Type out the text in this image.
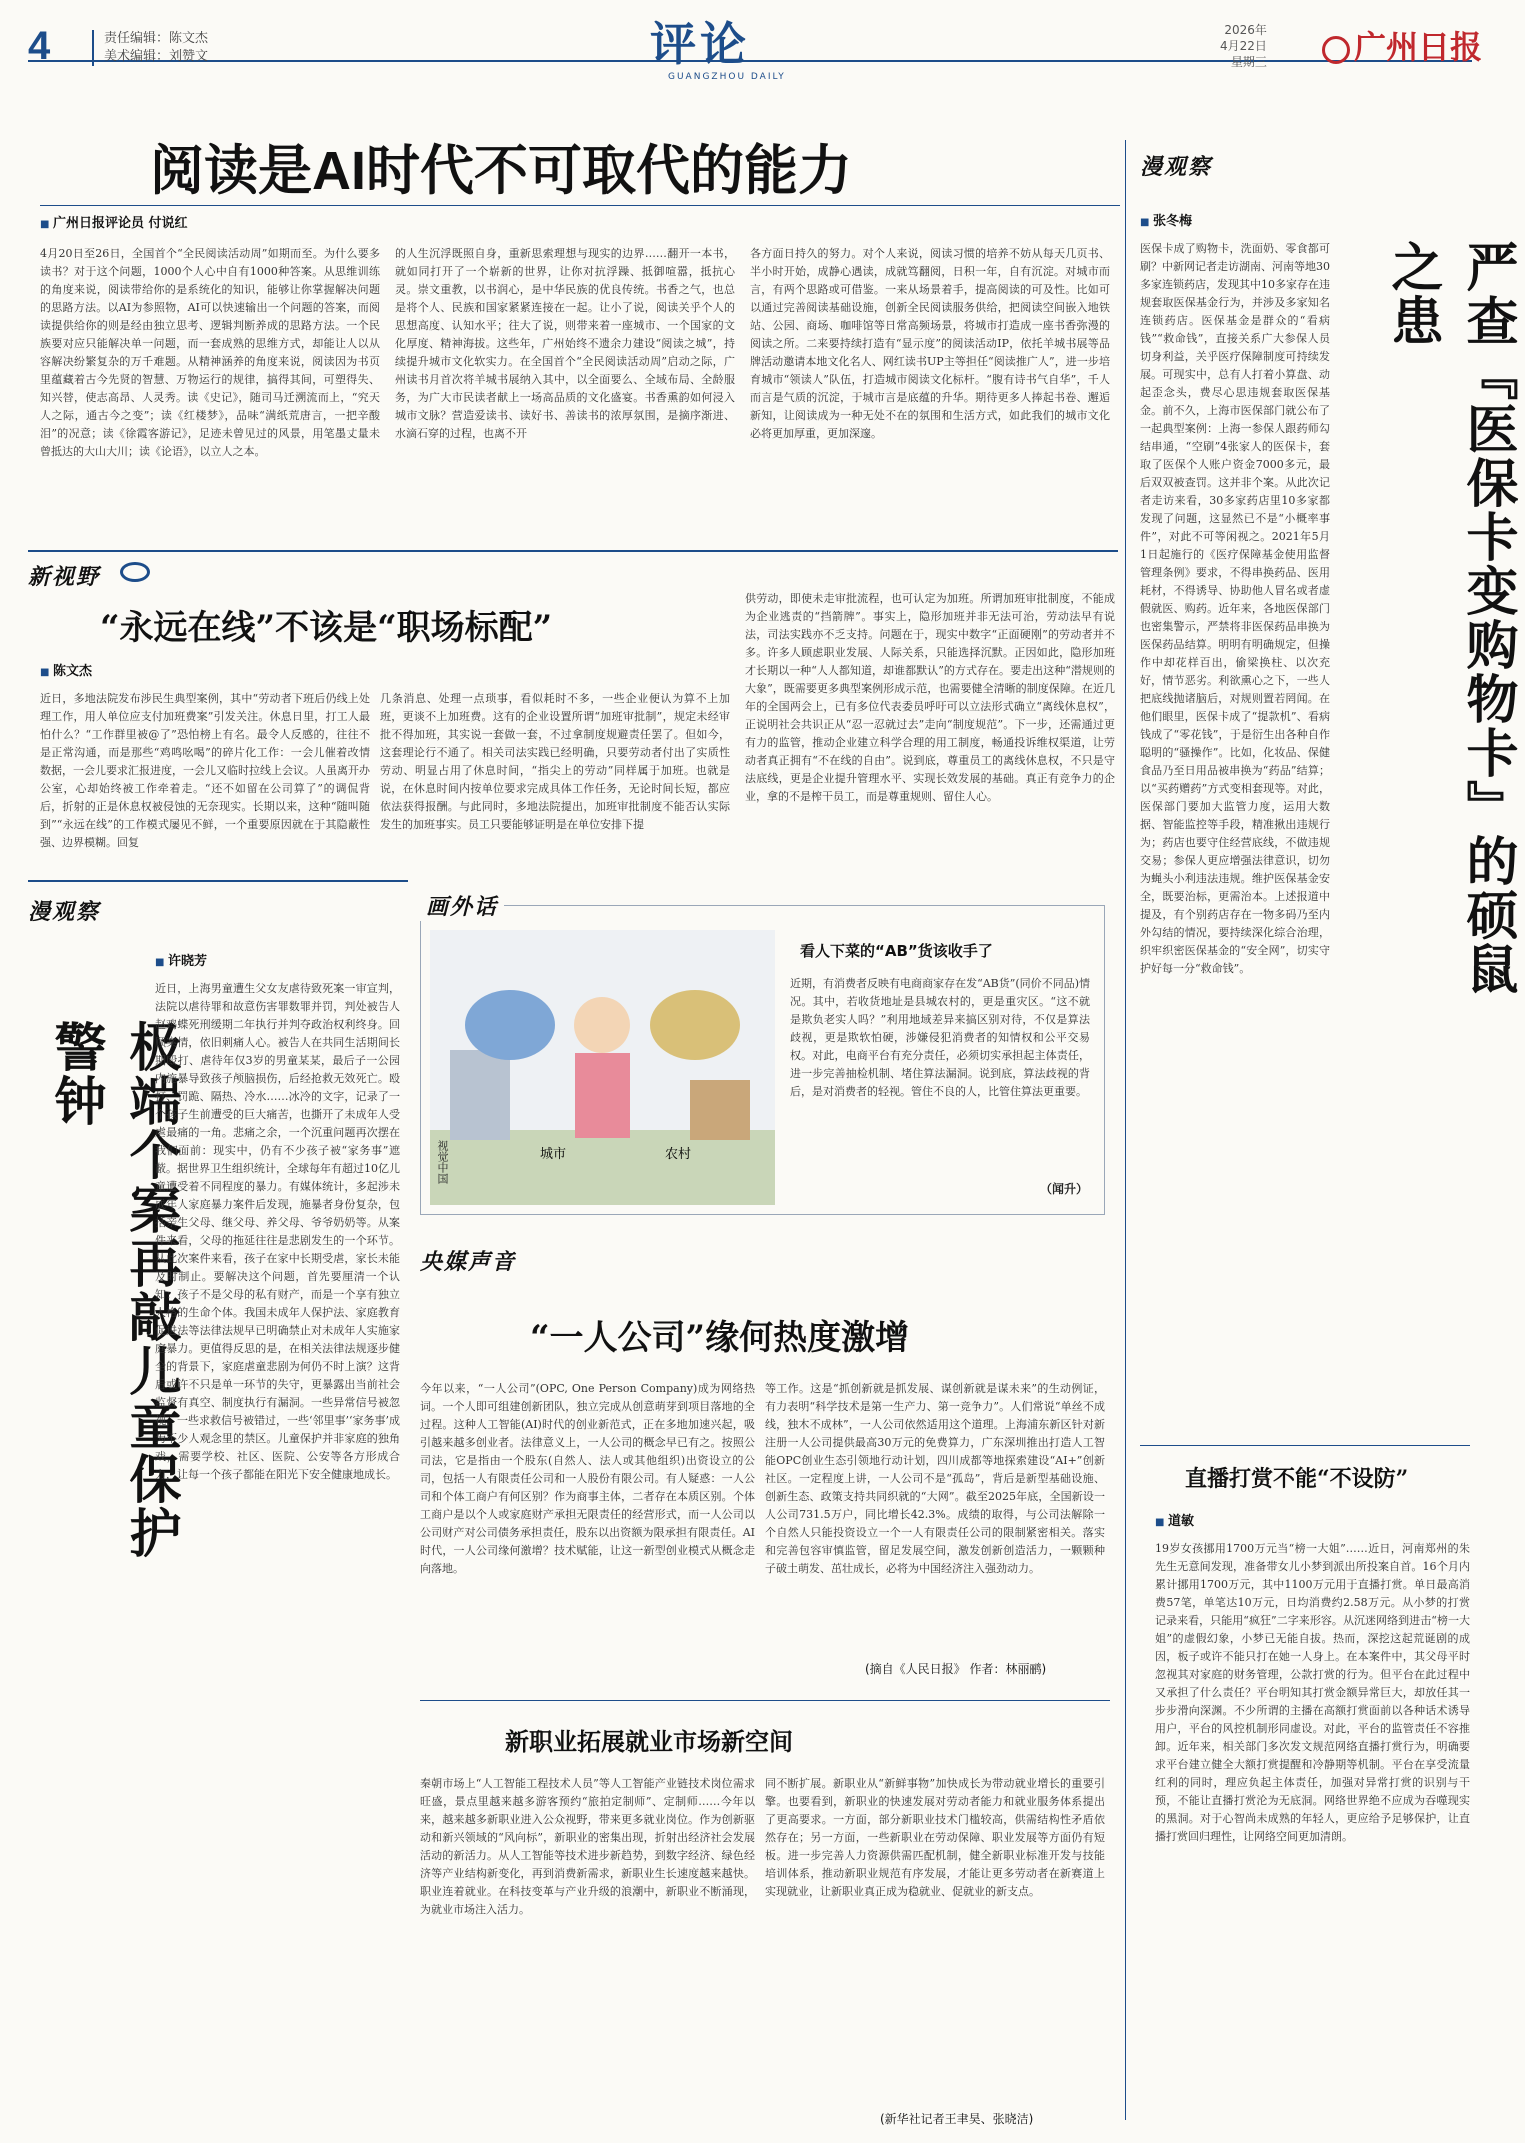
4	责任编辑：陈文杰
美术编辑：刘赞文	评论
GUANGZHOU DAILY
2026年
4月22日
星期三	广州日报
阅读是AI时代不可取代的能力
■ 广州日报评论员 付说红
4月20日至26日，全国首个“全民阅读活动周”如期而至。为什么要多读书？对于这个问题，1000个人心中自有1000种答案。从思维训练的角度来说，阅读带给你的是系统化的知识，能够让你掌握解决问题的思路方法。以AI为参照物，AI可以快速输出一个问题的答案，而阅读提供给你的则是经由独立思考、逻辑判断养成的思路方法。一个民族要对应只能解决单一问题，而一套成熟的思维方式，却能让人以从容解决纷繁复杂的万千难题。从精神涵养的角度来说，阅读因为书页里蕴藏着古今先贤的智慧、万物运行的规律，搞得其间，可塑得失、知兴替，使志高昂、人灵秀。读《史记》，随司马迁溯流而上，“究天人之际，通古今之变”；读《红楼梦》，品味“满纸荒唐言，一把辛酸泪”的况意；读《徐霞客游记》，足迹未曾见过的风景，用笔墨丈量未曾抵达的大山大川；读《论语》，以立人之本。
的人生沉浮既照自身，重新思索理想与现实的边界……翻开一本书，就如同打开了一个崭新的世界，让你对抗浮躁、抵御喧嚣，抵抗心灵。崇文重教，以书润心，是中华民族的优良传统。书香之气，也总是将个人、民族和国家紧紧连接在一起。让小了说，阅读关乎个人的思想高度、认知水平；往大了说，则带来着一座城市、一个国家的文化厚度、精神海拔。这些年，广州始终不遗余力建设“阅读之城”，持续提升城市文化软实力。在全国首个“全民阅读活动周”启动之际，广州读书月首次将羊城书展纳入其中，以全面要么、全域布局、全龄服务，为广大市民读者献上一场高品质的文化盛宴。书香熏韵如何浸入城市文脉？营造爱读书、读好书、善读书的浓厚氛围，是摘序渐进、水滴石穿的过程，也离不开
各方面日持久的努力。对个人来说，阅读习惯的培养不妨从每天几页书、半小时开始，成静心遇读，成就笃翻阅，日积一年，自有沉淀。对城市而言，有两个思路或可借鉴。一来从场景着手，提高阅读的可及性。比如可以通过完善阅读基础设施，创新全民阅读服务供给，把阅读空间嵌入地铁站、公园、商场、咖啡馆等日常高频场景，将城市打造成一座书香弥漫的阅读之所。二来要持续打造有“显示度”的阅读活动IP，依托羊城书展等品牌活动邀请本地文化名人、网红读书UP主等担任“阅读推广人”，进一步培育城市“领读人”队伍，打造城市阅读文化标杆。“腹有诗书气自华”，千人而言是气质的沉淀，于城市言是底蕴的升华。期待更多人捧起书卷、邂逅新知，让阅读成为一种无处不在的氛围和生活方式，如此我们的城市文化必将更加厚重，更加深邃。
新视野
“永远在线”不该是“职场标配”
■ 陈文杰
近日，多地法院发布涉民生典型案例，其中“劳动者下班后仍线上处理工作，用人单位应支付加班费案”引发关注。休息日里，打工人最怕什么？“工作群里被@了”恐怕榜上有名。最令人反感的，往往不是正常沟通，而是那些“鸡鸣吆喝”的碎片化工作：一会儿催着改情数据，一会儿要求汇报进度，一会儿又临时拉线上会议。人虽离开办公室，心却始终被工作牵着走。“还不如留在公司算了”的调侃背后，折射的正是休息权被侵蚀的无奈现实。长期以来，这种“随叫随到”“永远在线”的工作模式屡见不鲜，一个重要原因就在于其隐蔽性强、边界模糊。回复
几条消息、处理一点琐事，看似耗时不多，一些企业便认为算不上加班，更谈不上加班费。这有的企业设置所谓“加班审批制”，规定未经审批不得加班，其实说一套做一套，不过拿制度规避责任罢了。但如今，这套理论行不通了。相关司法实践已经明确，只要劳动者付出了实质性劳动、明显占用了休息时间，“指尖上的劳动”同样属于加班。也就是说，在休息时间内按单位要求完成具体工作任务，无论时间长短，都应依法获得报酬。与此同时，多地法院提出，加班审批制度不能否认实际发生的加班事实。员工只要能够证明是在单位安排下提
供劳动，即使未走审批流程，也可认定为加班。所谓加班审批制度，不能成为企业逃责的“挡箭牌”。事实上，隐形加班并非无法可治，劳动法早有说法，司法实践亦不乏支持。问题在于，现实中数字“正面硬刚”的劳动者并不多。许多人顾虑职业发展、人际关系，只能选择沉默。正因如此，隐形加班才长期以一种“人人都知道，却谁都默认”的方式存在。要走出这种“潜规则的大象”，既需要更多典型案例形成示范，也需要健全清晰的制度保障。在近几年的全国两会上，已有多位代表委员呼吁可以立法形式确立“离线休息权”，正说明社会共识正从“忍一忍就过去”走向“制度规范”。下一步，还需通过更有力的监管，推动企业建立科学合理的用工制度，畅通投诉维权渠道，让劳动者真正拥有“不在线的自由”。说到底，尊重员工的离线休息权，不只是守法底线，更是企业提升管理水平、实现长效发展的基础。真正有竞争力的企业，拿的不是榨干员工，而是尊重规则、留住人心。
漫观察
极端个案再敲儿童保护警钟
■ 许晓芳
近日，上海男童遭生父女友虐待致死案一审宣判，法院以虐待罪和故意伤害罪数罪并罚，判处被告人赵鸡蝶死刑缓期二年执行并判夺政治权利终身。回顾案情，依旧刺痛人心。被告人在共同生活期间长期殴打、虐待年仅3岁的男童某某，最后子一公园内施暴导致孩子颅脑损伤，后经抢救无效死亡。殴打、罚跪、隔热、冷水……冰冷的文字，记录了一个孩子生前遭受的巨大痛苦，也撕开了未成年人受虐最痛的一角。悲痛之余，一个沉重问题再次摆在我们面前：现实中，仍有不少孩子被“家务事”遮蔽。据世界卫生组织统计，全球每年有超过10亿儿童遭受着不同程度的暴力。有媒体统计，多起涉未成年人家庭暴力案件后发现，施暴者身份复杂，包括亲生父母、继父母、养父母、爷爷奶奶等。从案件来看，父母的拖延往往是悲剧发生的一个环节。从此次案件来看，孩子在家中长期受虐，家长未能及时制止。要解决这个问题，首先要厘清一个认知：孩子不是父母的私有财产，而是一个享有独立人格的生命个体。我国未成年人保护法、家庭教育促进法等法律法规早已明确禁止对未成年人实施家庭暴力。更值得反思的是，在相关法律法规逐步健全的背景下，家庭虐童悲剧为何仍不时上演？这背后或许不只是单一环节的失守，更暴露出当前社会监督有真空、制度执行有漏洞。一些异常信号被忽视，一些求救信号被错过，一些‘邻里事’‘家务事’成为不少人观念里的禁区。儿童保护并非家庭的独角戏，需要学校、社区、医院、公安等各方形成合力，让每一个孩子都能在阳光下安全健康地成长。
画外话
城市	农村
视觉中国
看人下菜的“AB”货该收手了
近期，有消费者反映有电商商家存在发“AB货”(同价不同品)情况。其中，若收货地址是县城农村的，更是重灾区。“这不就是欺负老实人吗？”利用地域差异来搞区别对待，不仅是算法歧视，更是欺软怕硬，涉嫌侵犯消费者的知情权和公平交易权。对此，电商平台有充分责任，必须切实承担起主体责任，进一步完善抽检机制、堵住算法漏洞。说到底，算法歧视的背后，是对消费者的轻视。管住不良的人，比管住算法更重要。
（闻升）
央媒声音
“一人公司”缘何热度激增
今年以来，“一人公司”(OPC, One Person Company)成为网络热词。一个人即可组建创新团队，独立完成从创意萌芽到项目落地的全过程。这种人工智能(AI)时代的创业新范式，正在多地加速兴起，吸引越来越多创业者。法律意义上，一人公司的概念早已有之。按照公司法，它是指由一个股东(自然人、法人或其他组织)出资设立的公司，包括一人有限责任公司和一人股份有限公司。有人疑惑：一人公司和个体工商户有何区别？作为商事主体，二者存在本质区别。个体工商户是以个人或家庭财产承担无限责任的经营形式，而一人公司以公司财产对公司债务承担责任，股东以出资额为限承担有限责任。AI时代，一人公司缘何激增？技术赋能，让这一新型创业模式从概念走向落地。
等工作。这是“抓创新就是抓发展、谋创新就是谋未来”的生动例证，有力表明“科学技术是第一生产力、第一竞争力”。人们常说“单丝不成线，独木不成林”，一人公司依然适用这个道理。上海浦东新区针对新注册一人公司提供最高30万元的免费算力，广东深圳推出打造人工智能OPC创业生态引领地行动计划，四川成都等地探索建设“AI+”创新社区。一定程度上讲，一人公司不是“孤岛”，背后是新型基础设施、创新生态、政策支持共同织就的“大网”。截至2025年底，全国新设一人公司731.5万户，同比增长42.3%。成绩的取得，与公司法解除一个自然人只能投资设立一个一人有限责任公司的限制紧密相关。落实和完善包容审慎监管，留足发展空间，激发创新创造活力，一颗颗种子破土萌发、茁壮成长，必将为中国经济注入强劲动力。
(摘自《人民日报》 作者：林丽鹂)
新职业拓展就业市场新空间
秦朝市场上“人工智能工程技术人员”等人工智能产业链技术岗位需求旺盛，景点里越来越多游客预约“旅拍定制师”、定制师……今年以来，越来越多新职业进入公众视野，带来更多就业岗位。作为创新驱动和新兴领域的“风向标”，新职业的密集出现，折射出经济社会发展活动的新活力。从人工智能等技术进步新趋势，到数字经济、绿色经济等产业结构新变化，再到消费新需求，新职业生长速度越来越快。职业连着就业。在科技变革与产业升级的浪潮中，新职业不断涌现，为就业市场注入活力。
同不断扩展。新职业从“新鲜事物”加快成长为带动就业增长的重要引擎。也要看到，新职业的快速发展对劳动者能力和就业服务体系提出了更高要求。一方面，部分新职业技术门槛较高，供需结构性矛盾依然存在；另一方面，一些新职业在劳动保障、职业发展等方面仍有短板。进一步完善人力资源供需匹配机制，健全新职业标准开发与技能培训体系，推动新职业规范有序发展，才能让更多劳动者在新赛道上实现就业，让新职业真正成为稳就业、促就业的新支点。
(新华社记者王聿昊、张晓洁)
漫观察
■ 张冬梅
医保卡成了购物卡，洗面奶、零食都可刷？中新网记者走访湖南、河南等地30多家连锁药店，发现其中10多家存在违规套取医保基金行为，并涉及多家知名连锁药店。医保基金是群众的“看病钱”“救命钱”，直接关系广大参保人员切身利益，关乎医疗保障制度可持续发展。可现实中，总有人打着小算盘、动起歪念头，费尽心思违规套取医保基金。前不久，上海市医保部门就公布了一起典型案例：上海一参保人跟药师勾结串通，“空刷”4张家人的医保卡，套取了医保个人账户资金7000多元，最后双双被查罚。这并非个案。从此次记者走访来看，30多家药店里10多家都发现了问题，这显然已不是“小概率事件”，对此不可等闲视之。2021年5月1日起施行的《医疗保障基金使用监督管理条例》要求，不得串换药品、医用耗材，不得诱导、协助他人冒名或者虚假就医、购药。近年来，各地医保部门也密集警示，严禁将非医保药品串换为医保药品结算。明明有明确规定，但操作中却花样百出，偷梁换柱、以次充好，情节恶劣。利欲熏心之下，一些人把底线抛诸脑后，对规则置若罔闻。在他们眼里，医保卡成了“提款机”、看病钱成了“零花钱”，于是衍生出各种自作聪明的“骚操作”。比如，化妆品、保健食品乃至日用品被串换为“药品”结算；以“买药赠药”方式变相套现等。对此，医保部门要加大监管力度，运用大数据、智能监控等手段，精准揪出违规行为；药店也要守住经营底线，不做违规交易；参保人更应增强法律意识，切勿为蝇头小利违法违规。维护医保基金安全，既要治标，更需治本。上述报道中提及，有个别药店存在一物多码乃至内外勾结的情况，要持续深化综合治理，织牢织密医保基金的“安全网”，切实守护好每一分“救命钱”。	严查『医保卡变购物卡』的硕鼠之患
直播打赏不能“不设防”
■ 道敏
19岁女孩挪用1700万元当“榜一大姐”……近日，河南郑州的朱先生无意间发现，准备带女儿小梦到派出所投案自首。16个月内累计挪用1700万元，其中1100万元用于直播打赏。单日最高消费57笔，单笔达10万元，日均消费约2.58万元。从小梦的打赏记录来看，只能用“疯狂”二字来形容。从沉迷网络到进击“榜一大姐”的虚假幻象，小梦已无能自拔。热而，深挖这起荒诞剧的成因，板子或许不能只打在她一人身上。在本案件中，其父母平时忽视其对家庭的财务管理，公款打赏的行为。但平台在此过程中又承担了什么责任？平台明知其打赏金额异常巨大，却放任其一步步滑向深渊。不少所谓的主播在高额打赏面前以各种话术诱导用户，平台的风控机制形同虚设。对此，平台的监管责任不容推卸。近年来，相关部门多次发文规范网络直播打赏行为，明确要求平台建立健全大额打赏提醒和冷静期等机制。平台在享受流量红利的同时，理应负起主体责任，加强对异常打赏的识别与干预，不能让直播打赏沦为无底洞。网络世界绝不应成为吞噬现实的黑洞。对于心智尚未成熟的年轻人，更应给予足够保护，让直播打赏回归理性，让网络空间更加清朗。
